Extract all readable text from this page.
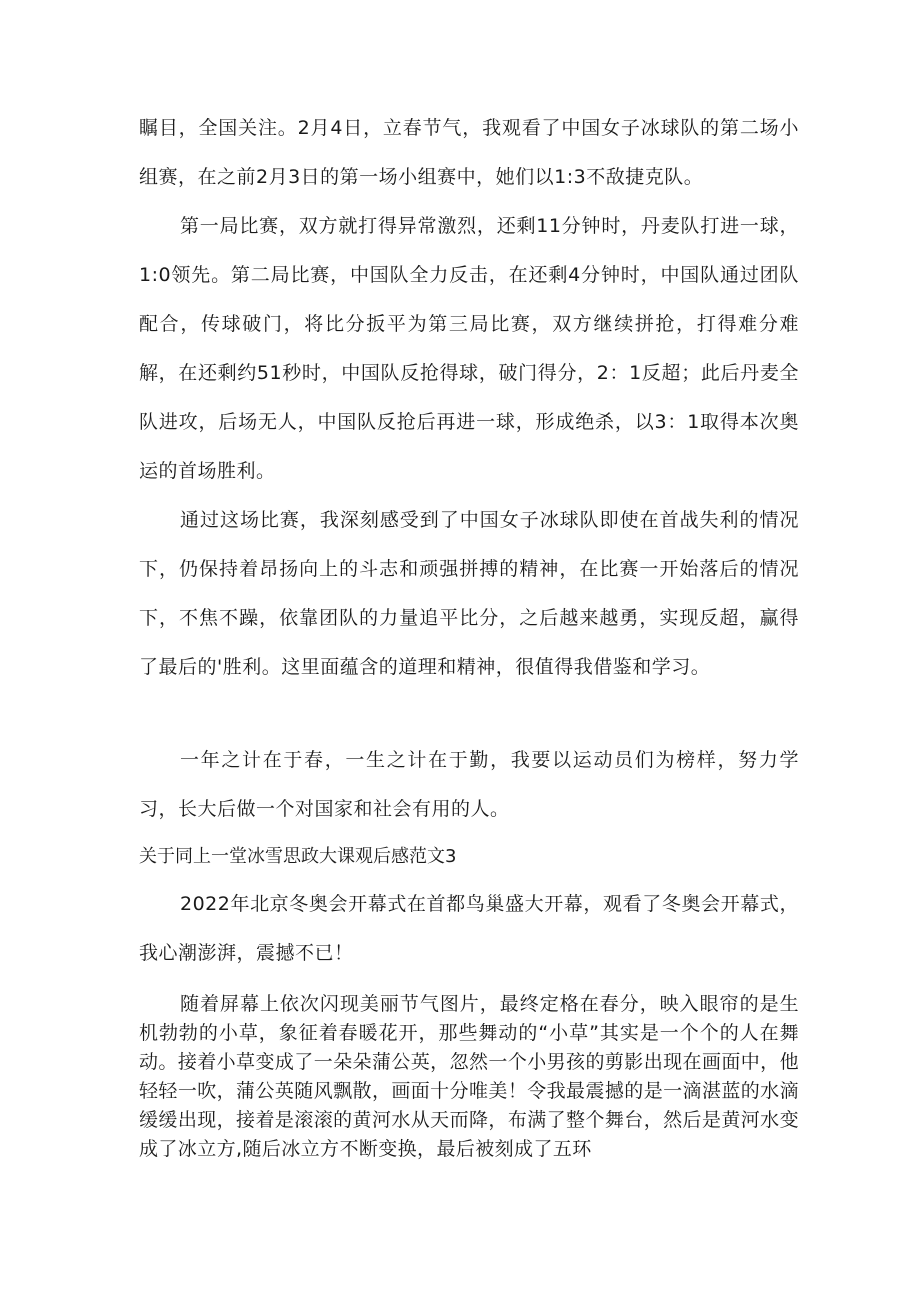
瞩目，全国关注。2月4日，立春节气，我观看了中国女子冰球队的第二场小组赛，在之前2月3日的第一场小组赛中，她们以1:3不敌捷克队。

第一局比赛，双方就打得异常激烈，还剩11分钟时，丹麦队打进一球，1:0领先。第二局比赛，中国队全力反击，在还剩4分钟时，中国队通过团队配合，传球破门，将比分扳平为第三局比赛，双方继续拼抢，打得难分难解，在还剩约51秒时，中国队反抢得球，破门得分，2：1反超；此后丹麦全队进攻，后场无人，中国队反抢后再进一球，形成绝杀，以3：1取得本次奥运的首场胜利。

通过这场比赛，我深刻感受到了中国女子冰球队即使在首战失利的情况下，仍保持着昂扬向上的斗志和顽强拼搏的精神，在比赛一开始落后的情况下，不焦不躁，依靠团队的力量追平比分，之后越来越勇，实现反超，赢得了最后的'胜利。这里面蕴含的道理和精神，很值得我借鉴和学习。

一年之计在于春，一生之计在于勤，我要以运动员们为榜样，努力学习，长大后做一个对国家和社会有用的人。

关于同上一堂冰雪思政大课观后感范文3

2022年北京冬奥会开幕式在首都鸟巢盛大开幕，观看了冬奥会开幕式，我心潮澎湃，震撼不已！

随着屏幕上依次闪现美丽节气图片，最终定格在春分，映入眼帘的是生机勃勃的小草，象征着春暖花开，那些舞动的“小草”其实是一个个的人在舞动。接着小草变成了一朵朵蒲公英，忽然一个小男孩的剪影出现在画面中，他轻轻一吹，蒲公英随风飘散，画面十分唯美！令我最震撼的是一滴湛蓝的水滴缓缓出现，接着是滚滚的黄河水从天而降，布满了整个舞台，然后是黄河水变成了冰立方,随后冰立方不断变换，最后被刻成了五环
